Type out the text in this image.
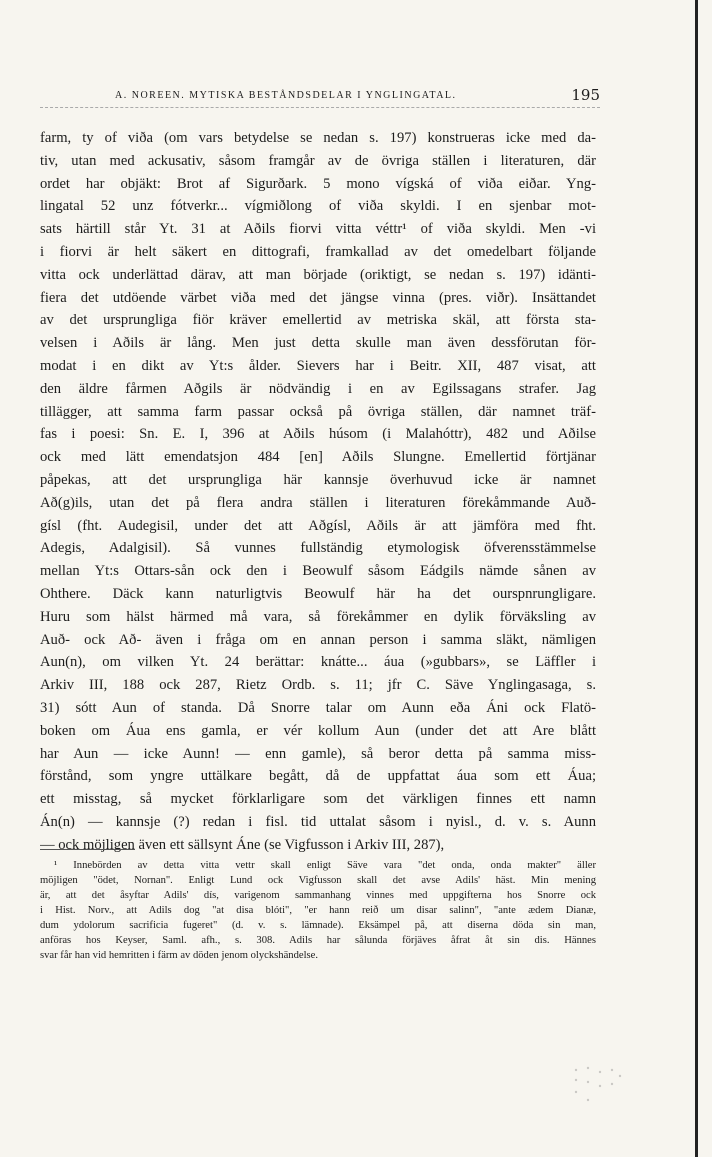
A. NOREEN. MYTISKA BESTÅNDSDELAR I YNGLINGATAL.	195
farm, ty of viða (om vars betydelse se nedan s. 197) konstrueras icke med da-
tiv, utan med ackusativ, såsom framgår av de övriga ställen i literaturen, där
ordet har objäkt: Brot af Sigurðark. 5 mono vígská of viða eiðar. Yng-
lingatal 52 unz fótverkr... vígmiðlong of viða skyldi. I en sjenbar mot-
sats härtill står Yt. 31 at Aðils fiorvi vitta véttr¹ of viða skyldi. Men -vi
i fiorvi är helt säkert en dittografi, framkallad av det omedelbart följande
vitta ock underlättad därav, att man började (oriktigt, se nedan s. 197) idänti-
fiera det utdöende värbet viða med det jängse vinna (pres. viðr). Insättandet
av det ursprungliga fiör kräver emellertid av metriska skäl, att första sta-
velsen i Aðils är lång. Men just detta skulle man även dessförutan för-
modat i en dikt av Yt:s ålder. Sievers har i Beitr. XII, 487 visat, att
den äldre fårmen Aðgils är nödvändig i en av Egilssagans strafer. Jag
tillägger, att samma farm passar också på övriga ställen, där namnet träf-
fas i poesi: Sn. E. I, 396 at Aðils húsom (i Malahóttr), 482 und Aðilse
ock med lätt emendatsjon 484 [en] Aðils Slungne. Emellertid förtjänar
påpekas, att det ursprungliga här kannsje överhuvud icke är namnet
Að(g)ils, utan det på flera andra ställen i literaturen förekåmmande Auð-
gísl (fht. Audegisil, under det att Aðgísl, Aðils är att jämföra med fht.
Adegis, Adalgisil). Så vunnes fullständig etymologisk öfverensstämmelse
mellan Yt:s Ottars-sån ock den i Beowulf såsom Eádgils nämde sånen av
Ohthere. Däck kann naturligtvis Beowulf här ha det ourspnrungligare.
Huru som hälst härmed må vara, så förekåmmer en dylik förväksling av
Auð- ock Að- även i fråga om en annan person i samma släkt, nämligen
Aun(n), om vilken Yt. 24 berättar: knátte... áua (»gubbars», se Läffler i
Arkiv III, 188 ock 287, Rietz Ordb. s. 11; jfr C. Säve Ynglingasaga, s.
31) sótt Aun of standa. Då Snorre talar om Aunn eða Áni ock Flatö-
boken om Áua ens gamla, er vér kollum Aun (under det att Are blått
har Aun — icke Aunn! — enn gamle), så beror detta på samma miss-
förstånd, som yngre uttälkare begått, då de uppfattat áua som ett Áua;
ett misstag, så mycket förklarligare som det värkligen finnes ett namn
Án(n) — kannsje (?) redan i fisl. tid uttalat såsom i nyisl., d. v. s. Aunn
— ock möjligen även ett sällsynt Áne (se Vigfusson i Arkiv III, 287),
¹ Innebörden av detta vitta vettr skall enligt Säve vara "det onda, onda makter" äller
möjligen "ödet, Nornan". Enligt Lund ock Vigfusson skall det avse Adils' häst. Min mening
är, att det åsyftar Adils' dís, varigenom sammanhang vinnes med uppgifterna hos Snorre ock
i Hist. Norv., att Adils dog "at disa blóti", "er hann reið um disar salinn", "ante ædem Dianæ,
dum ydolorum sacrificia fugeret" (d. v. s. lämnade). Eksämpel på, att disernа döda sin man,
anföras hos Keyser, Saml. afh., s. 308. Adils har sålunda förjävеs åfrat åt sin dis. Hännes
svar får han vid hemritten i färm av döden jenom olyckshändelse.
